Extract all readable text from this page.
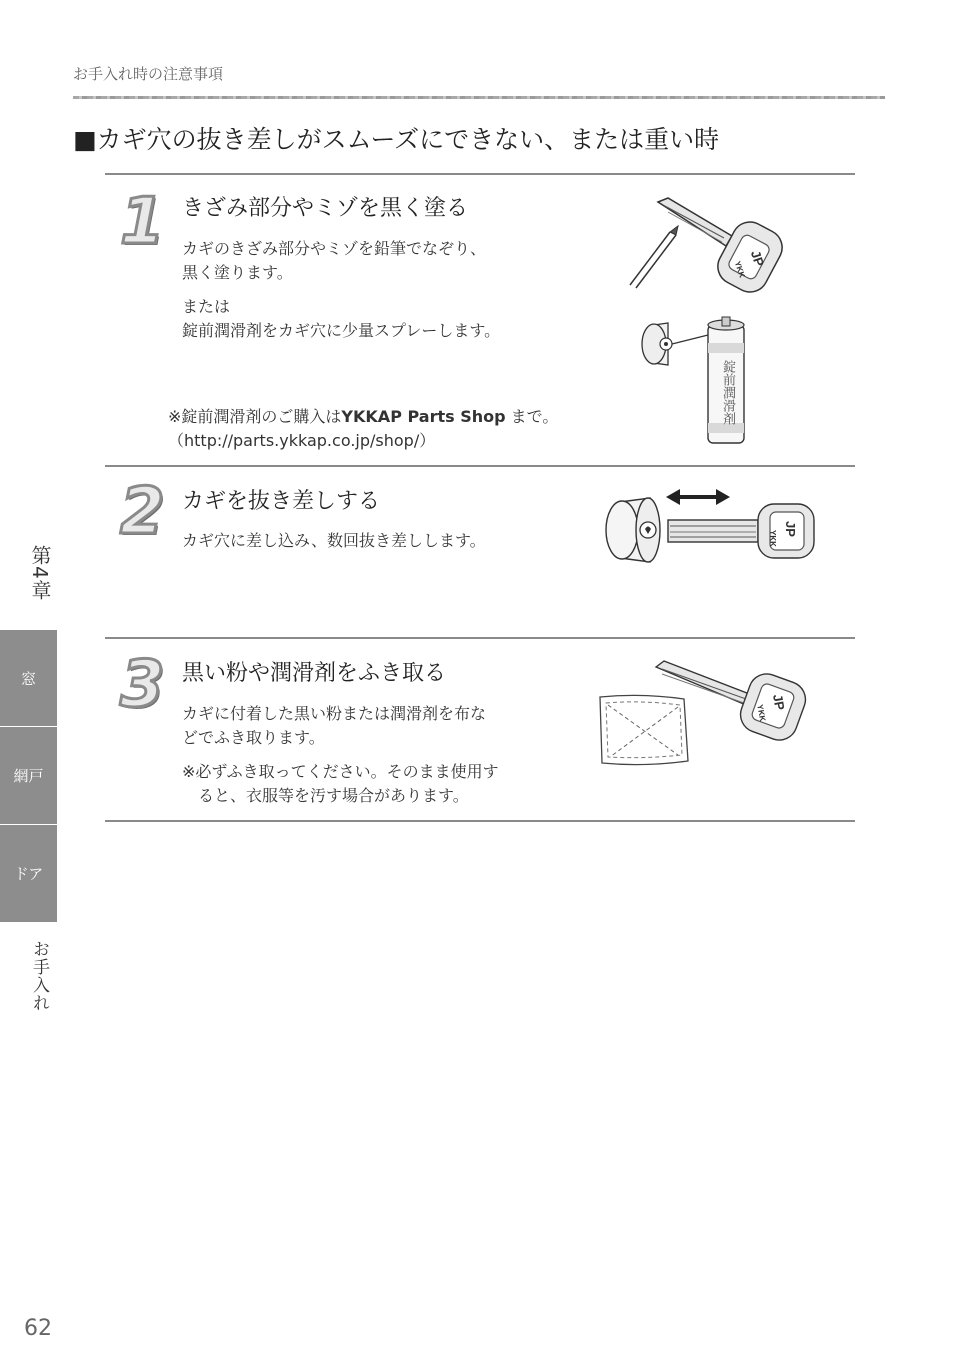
お手入れ時の注意事項
■カギ穴の抜き差しがスムーズにできない、または重い時
1 きざみ部分やミゾを黒く塗る
カギのきざみ部分やミゾを鉛筆でなぞり、
黒く塗ります。
または
錠前潤滑剤をカギ穴に少量スプレーします。
※錠前潤滑剤のご購入はYKKAP Parts Shop まで。
（http://parts.ykkap.co.jp/shop/）
JP
YKK
錠前潤滑剤
2 カギを抜き差しする
カギ穴に差し込み、数回抜き差しします。
JP
YKK
3 黒い粉や潤滑剤をふき取る
カギに付着した黒い粉または潤滑剤を布な
どでふき取ります。
※必ずふき取ってください。そのまま使用す
　ると、衣服等を汚す場合があります。
JP
YKK
第4章
窓
網戸
ドア
お手入れ
62
